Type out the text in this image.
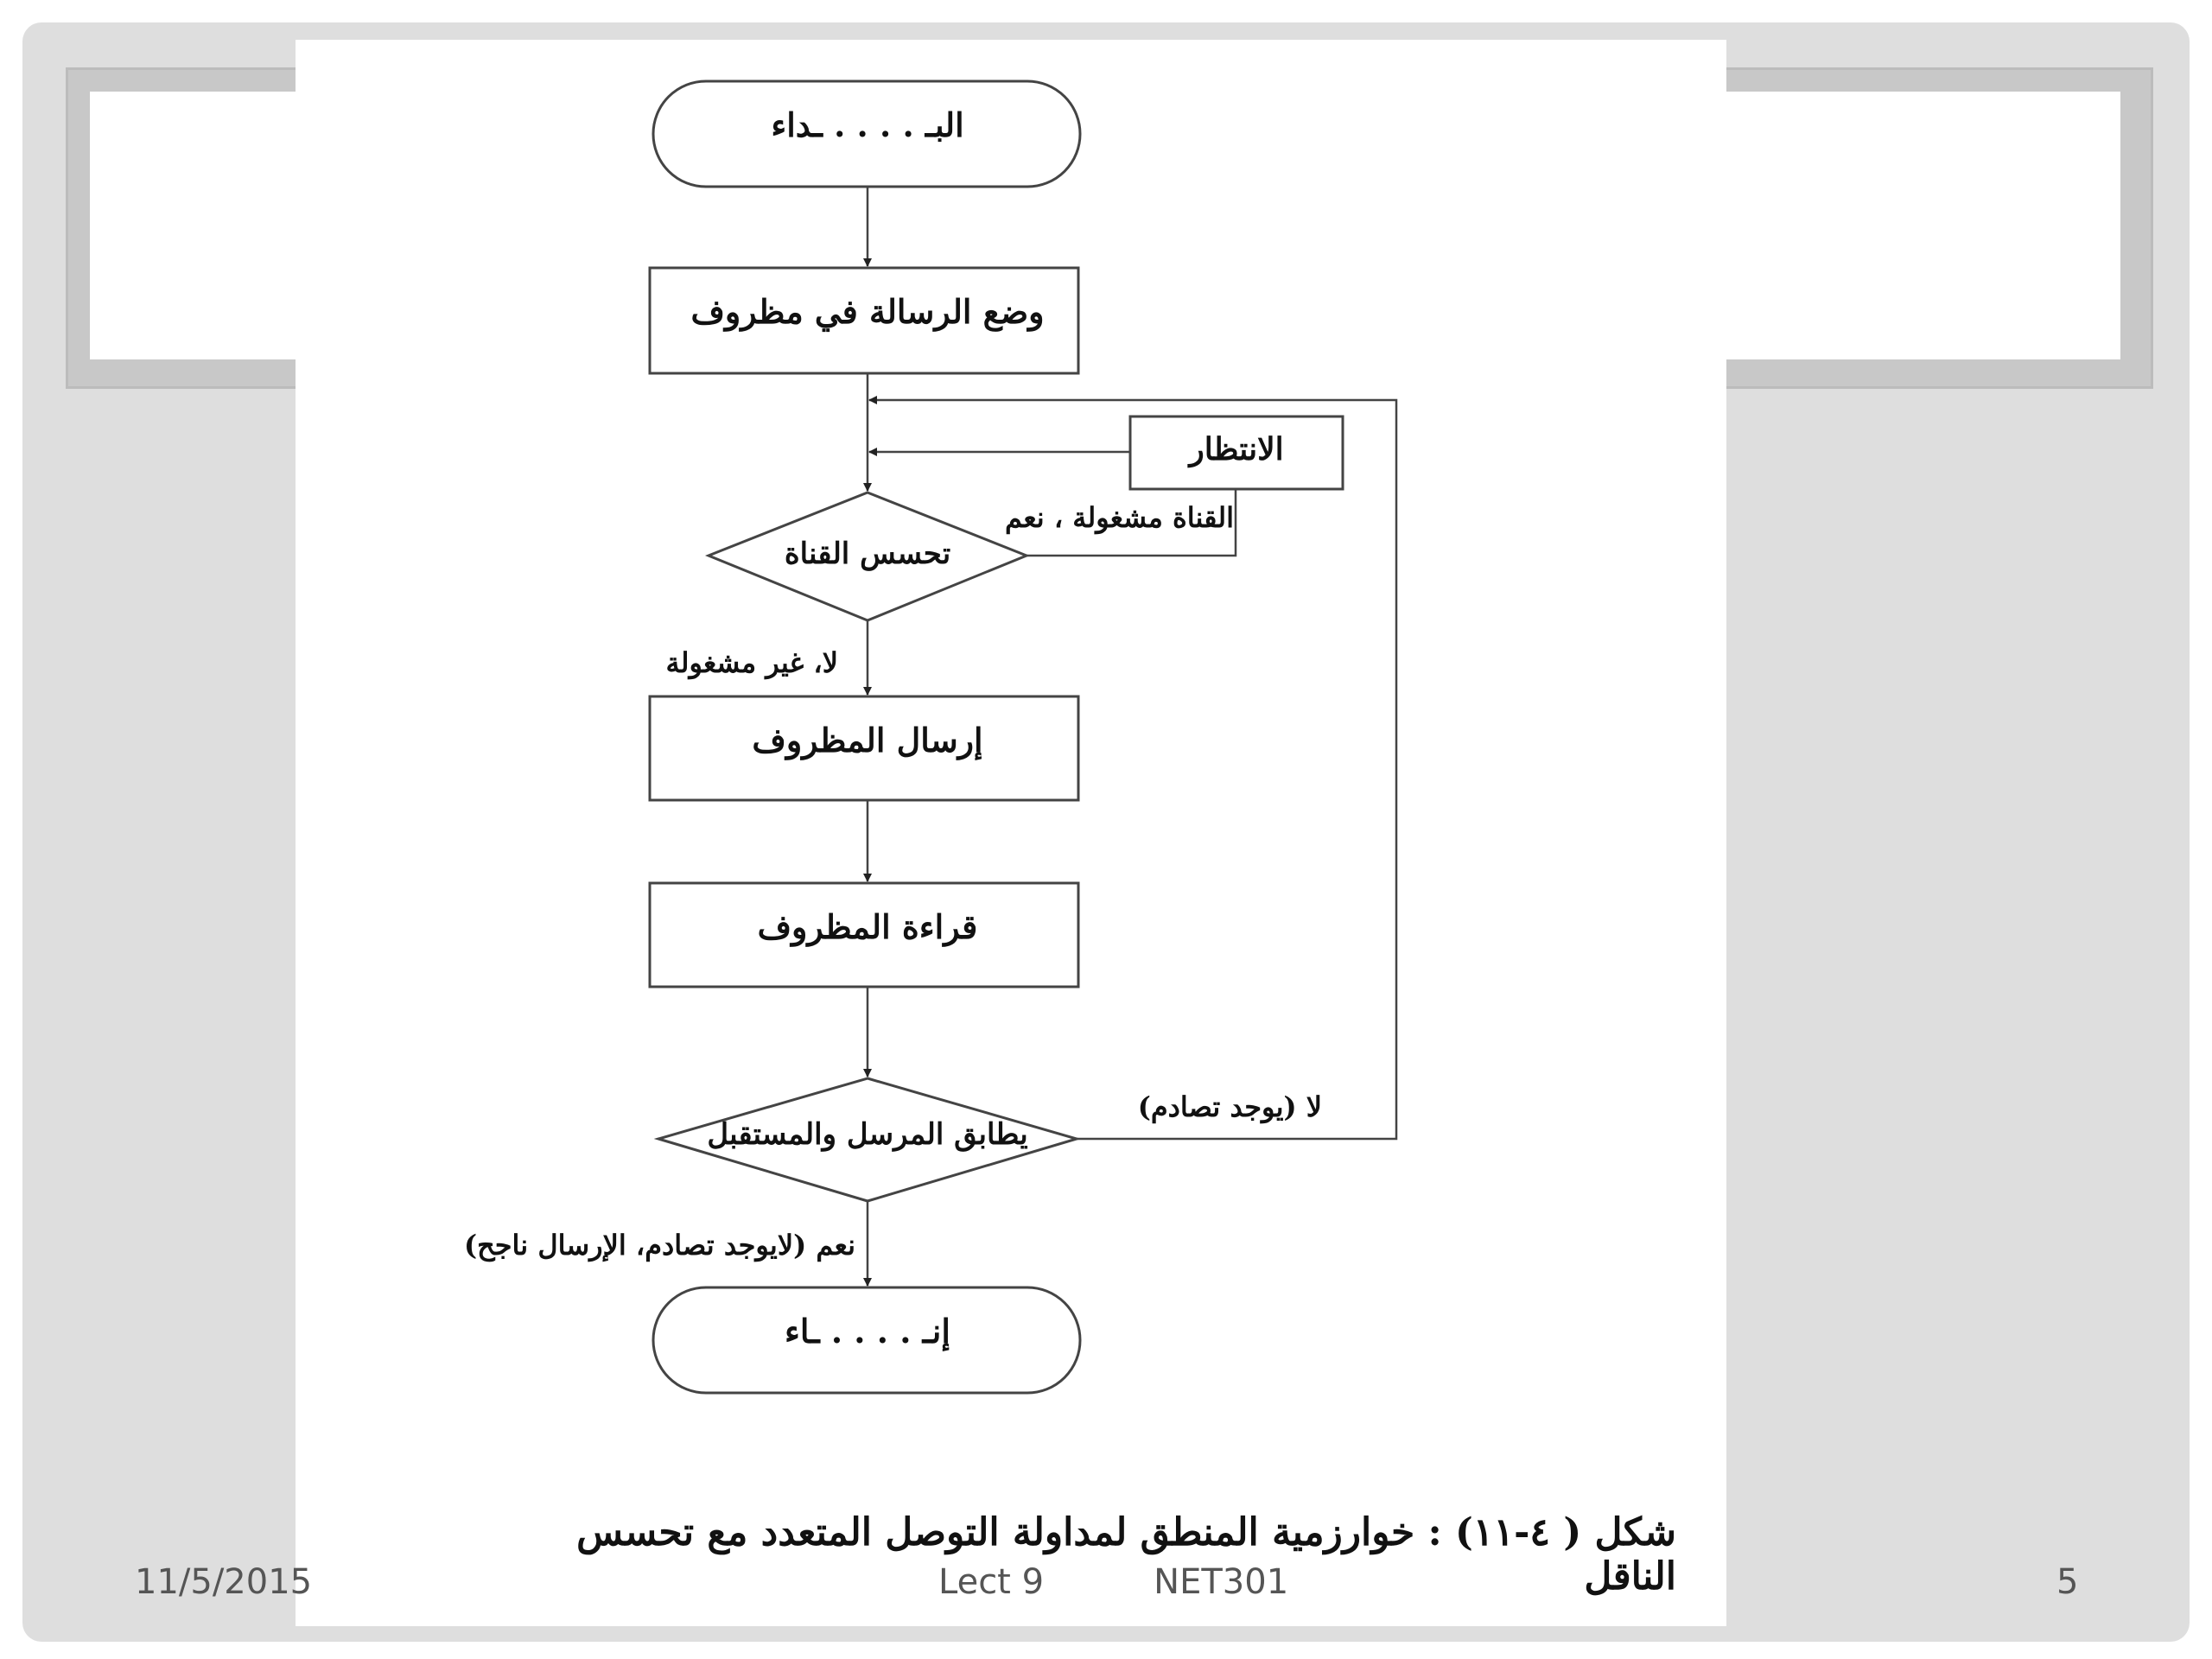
البـ . . . . ـداء
وضع الرسالة في مظروف
الانتظار
تحسس القناة
إرسال المظروف
قراءة المظروف
يطابق المرسل والمستقبل
إنـ . . . . ـاء
القناة مشغولة ، نعم
لا، غير مشغولة
لا (يوجد تصادم)
نعم (لايوجد تصادم، الإرسال ناجح)
شكل ( ٤-١١) : خوارزمية المنطق لمداولة التوصل المتعدد مع تحسس الناقل
11/5/2015	Lect 9          NET301	5
